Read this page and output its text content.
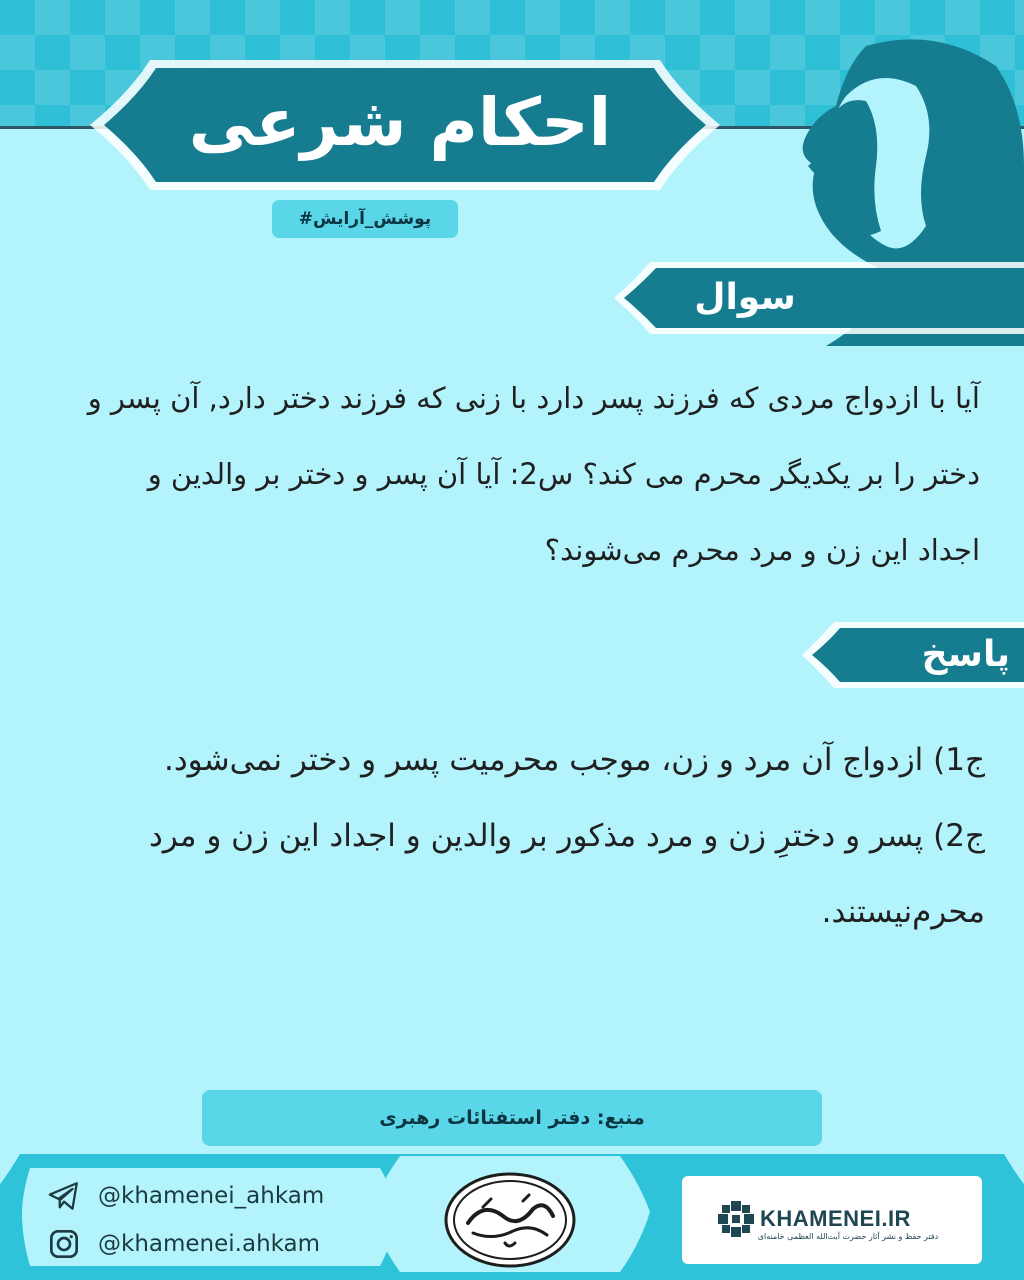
احکام شرعی
#پوشش_آرایش
سوال
آیا با ازدواج مردی که فرزند پسر دارد با زنی که فرزند دختر دارد, آن پسر و دختر را بر یکدیگر محرم می کند؟ س2: آیا آن پسر و دختر بر والدین و اجداد این زن و مرد محرم می‌شوند؟
پاسخ

ج1) ازدواج آن مرد و زن، موجب محرمیت پسر و دختر نمی‌شود.

ج2) پسر و دخترِ زن و مرد مذکور بر والدین و اجداد این زن و مرد محرم‌نیستند.

منبع: دفتر استفتائات رهبری
@khamenei_ahkam
@khamenei.ahkam
KHAMENEI.IR
دفتر حفظ و نشر آثار حضرت آیت‌الله العظمی خامنه‌ای
